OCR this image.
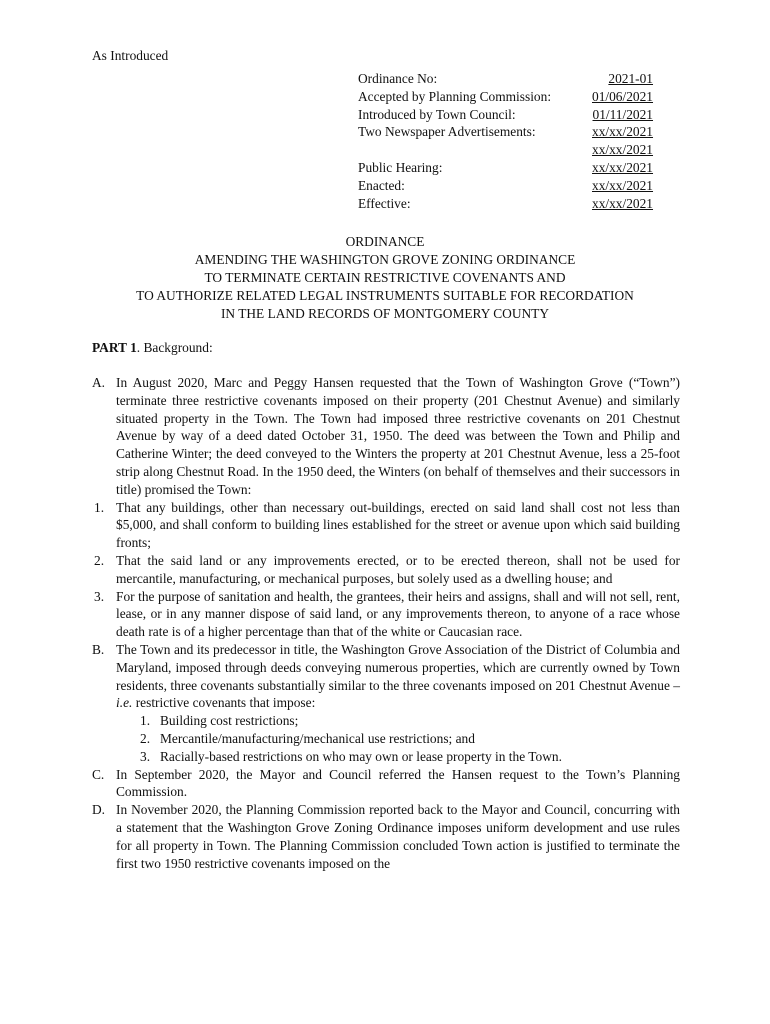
As Introduced
Ordinance No:	2021-01
Accepted by Planning Commission:	01/06/2021
Introduced by Town Council:	01/11/2021
Two Newspaper Advertisements:	xx/xx/2021
	xx/xx/2021
Public Hearing:	xx/xx/2021
Enacted:	xx/xx/2021
Effective:	xx/xx/2021
ORDINANCE
AMENDING THE WASHINGTON GROVE ZONING ORDINANCE
TO TERMINATE CERTAIN RESTRICTIVE COVENANTS AND
TO AUTHORIZE RELATED LEGAL INSTRUMENTS SUITABLE FOR RECORDATION
IN THE LAND RECORDS OF MONTGOMERY COUNTY
PART 1. Background:
A. In August 2020, Marc and Peggy Hansen requested that the Town of Washington Grove (“Town”) terminate three restrictive covenants imposed on their property (201 Chestnut Avenue) and similarly situated property in the Town. The Town had imposed three restrictive covenants on 201 Chestnut Avenue by way of a deed dated October 31, 1950. The deed was between the Town and Philip and Catherine Winter; the deed conveyed to the Winters the property at 201 Chestnut Avenue, less a 25-foot strip along Chestnut Road. In the 1950 deed, the Winters (on behalf of themselves and their successors in title) promised the Town:
1. That any buildings, other than necessary out-buildings, erected on said land shall cost not less than $5,000, and shall conform to building lines established for the street or avenue upon which said building fronts;
2. That the said land or any improvements erected, or to be erected thereon, shall not be used for mercantile, manufacturing, or mechanical purposes, but solely used as a dwelling house; and
3. For the purpose of sanitation and health, the grantees, their heirs and assigns, shall and will not sell, rent, lease, or in any manner dispose of said land, or any improvements thereon, to anyone of a race whose death rate is of a higher percentage than that of the white or Caucasian race.
B. The Town and its predecessor in title, the Washington Grove Association of the District of Columbia and Maryland, imposed through deeds conveying numerous properties, which are currently owned by Town residents, three covenants substantially similar to the three covenants imposed on 201 Chestnut Avenue – i.e. restrictive covenants that impose:
1. Building cost restrictions;
2. Mercantile/manufacturing/mechanical use restrictions; and
3. Racially-based restrictions on who may own or lease property in the Town.
C. In September 2020, the Mayor and Council referred the Hansen request to the Town’s Planning Commission.
D. In November 2020, the Planning Commission reported back to the Mayor and Council, concurring with a statement that the Washington Grove Zoning Ordinance imposes uniform development and use rules for all property in Town. The Planning Commission concluded Town action is justified to terminate the first two 1950 restrictive covenants imposed on the
